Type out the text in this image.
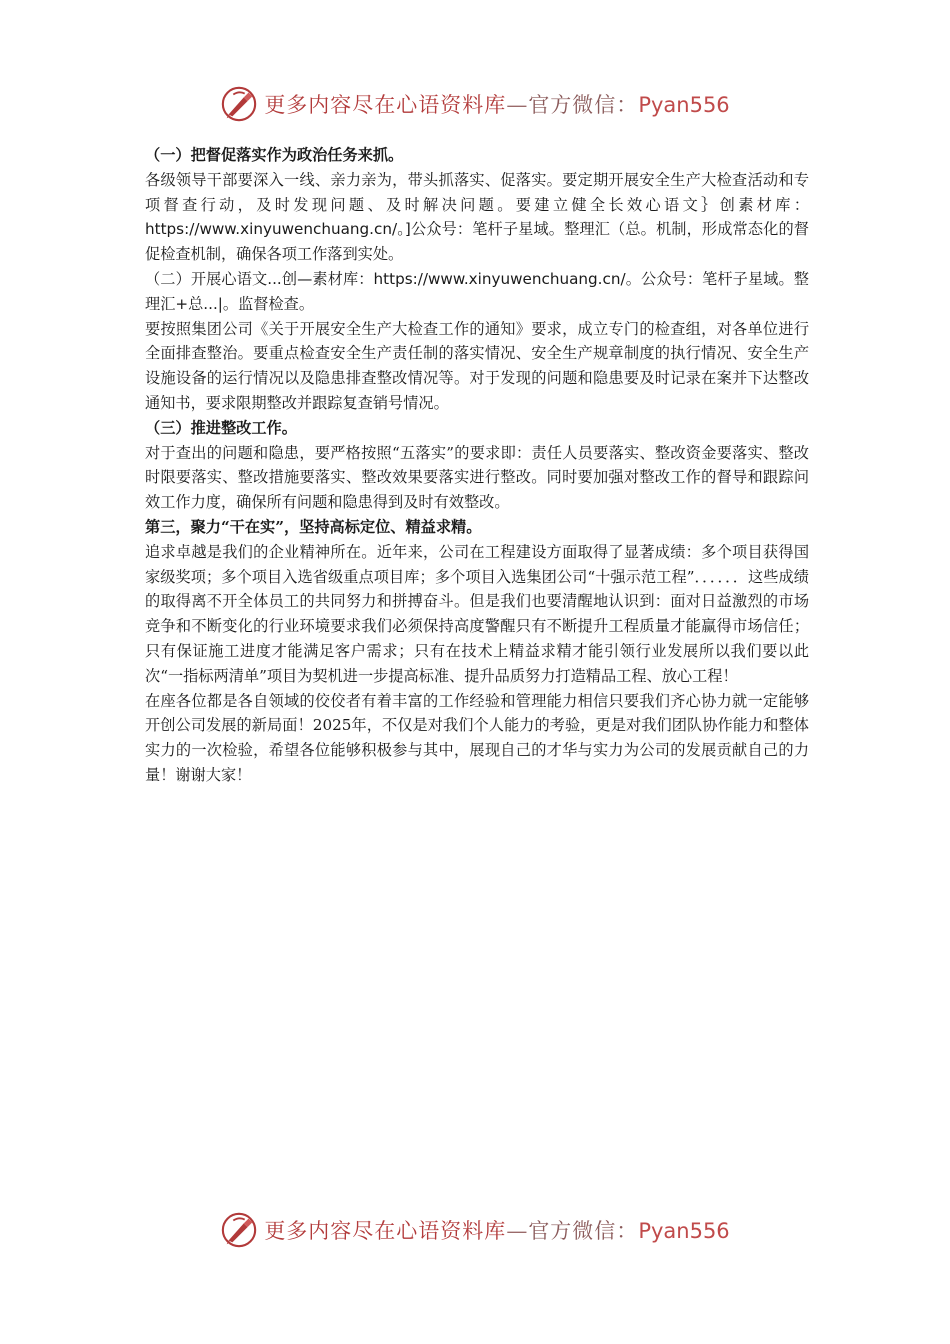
更多内容尽在心语资料库—官方微信：Pyan556

（一）把督促落实作为政治任务来抓。

各级领导干部要深入一线、亲力亲为，带头抓落实、促落实。要定期开展安全生产大检查活动和专项督查行动，及时发现问题、及时解决问题。要建立健全长效心语文｝创素材库：https://www.xinyuwenchuang.cn/。]公众号：笔杆子星域。整理汇（总。机制，形成常态化的督促检查机制，确保各项工作落到实处。

（二）开展心语文...创—素材库：https://www.xinyuwenchuang.cn/。公众号：笔杆子星域。整理汇+总...|。监督检查。

要按照集团公司《关于开展安全生产大检查工作的通知》要求，成立专门的检查组，对各单位进行全面排查整治。要重点检查安全生产责任制的落实情况、安全生产规章制度的执行情况、安全生产设施设备的运行情况以及隐患排查整改情况等。对于发现的问题和隐患要及时记录在案并下达整改通知书，要求限期整改并跟踪复查销号情况。

（三）推进整改工作。

对于查出的问题和隐患，要严格按照“五落实”的要求即：责任人员要落实、整改资金要落实、整改时限要落实、整改措施要落实、整改效果要落实进行整改。同时要加强对整改工作的督导和跟踪问效工作力度，确保所有问题和隐患得到及时有效整改。

第三，聚力“干在实”，坚持高标定位、精益求精。

追求卓越是我们的企业精神所在。近年来，公司在工程建设方面取得了显著成绩：多个项目获得国家级奖项；多个项目入选省级重点项目库；多个项目入选集团公司“十强示范工程”．．．．．．这些成绩的取得离不开全体员工的共同努力和拼搏奋斗。但是我们也要清醒地认识到：面对日益激烈的市场竞争和不断变化的行业环境要求我们必须保持高度警醒只有不断提升工程质量才能赢得市场信任；只有保证施工进度才能满足客户需求；只有在技术上精益求精才能引领行业发展所以我们要以此次“一指标两清单”项目为契机进一步提高标准、提升品质努力打造精品工程、放心工程！

在座各位都是各自领域的佼佼者有着丰富的工作经验和管理能力相信只要我们齐心协力就一定能够开创公司发展的新局面！2025年，不仅是对我们个人能力的考验，更是对我们团队协作能力和整体实力的一次检验，希望各位能够积极参与其中，展现自己的才华与实力为公司的发展贡献自己的力量！谢谢大家！

更多内容尽在心语资料库—官方微信：Pyan556
